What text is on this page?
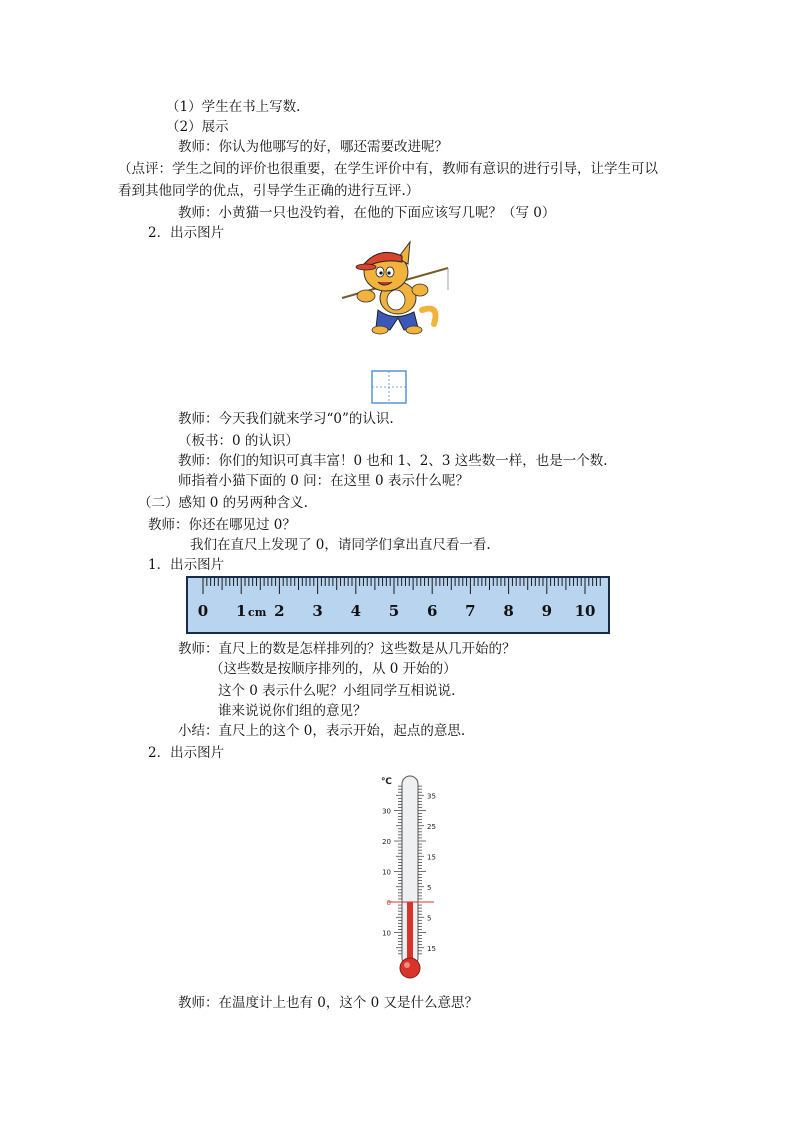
（1）学生在书上写数.
（2）展示
教师：你认为他哪写的好，哪还需要改进呢？
（点评：学生之间的评价也很重要，在学生评价中有，教师有意识的进行引导，让学生可以
看到其他同学的优点，引导学生正确的进行互评.）
教师：小黄猫一只也没钓着，在他的下面应该写几呢？（写 0）
2．出示图片
教师：今天我们就来学习“0”的认识.
（板书：0 的认识）
教师：你们的知识可真丰富！0 也和 1、2、3 这些数一样，也是一个数.
师指着小猫下面的 0 问：在这里 0 表示什么呢？
（二）感知 0 的另两种含义.
教师：你还在哪见过 0？
我们在直尺上发现了 0，请同学们拿出直尺看一看.
1．出示图片
0 1 cm 2 3 4 5 6 7 8 9 10
教师：直尺上的数是怎样排列的？这些数是从几开始的？
（这些数是按顺序排列的，从 0 开始的）
这个 0 表示什么呢？小组同学互相说说.
谁来说说你们组的意见？
小结：直尺上的这个 0，表示开始，起点的意思.
2．出示图片
℃
30
20
10
0
10
35
25
15
5
5
15
教师：在温度计上也有 0，这个 0 又是什么意思？
